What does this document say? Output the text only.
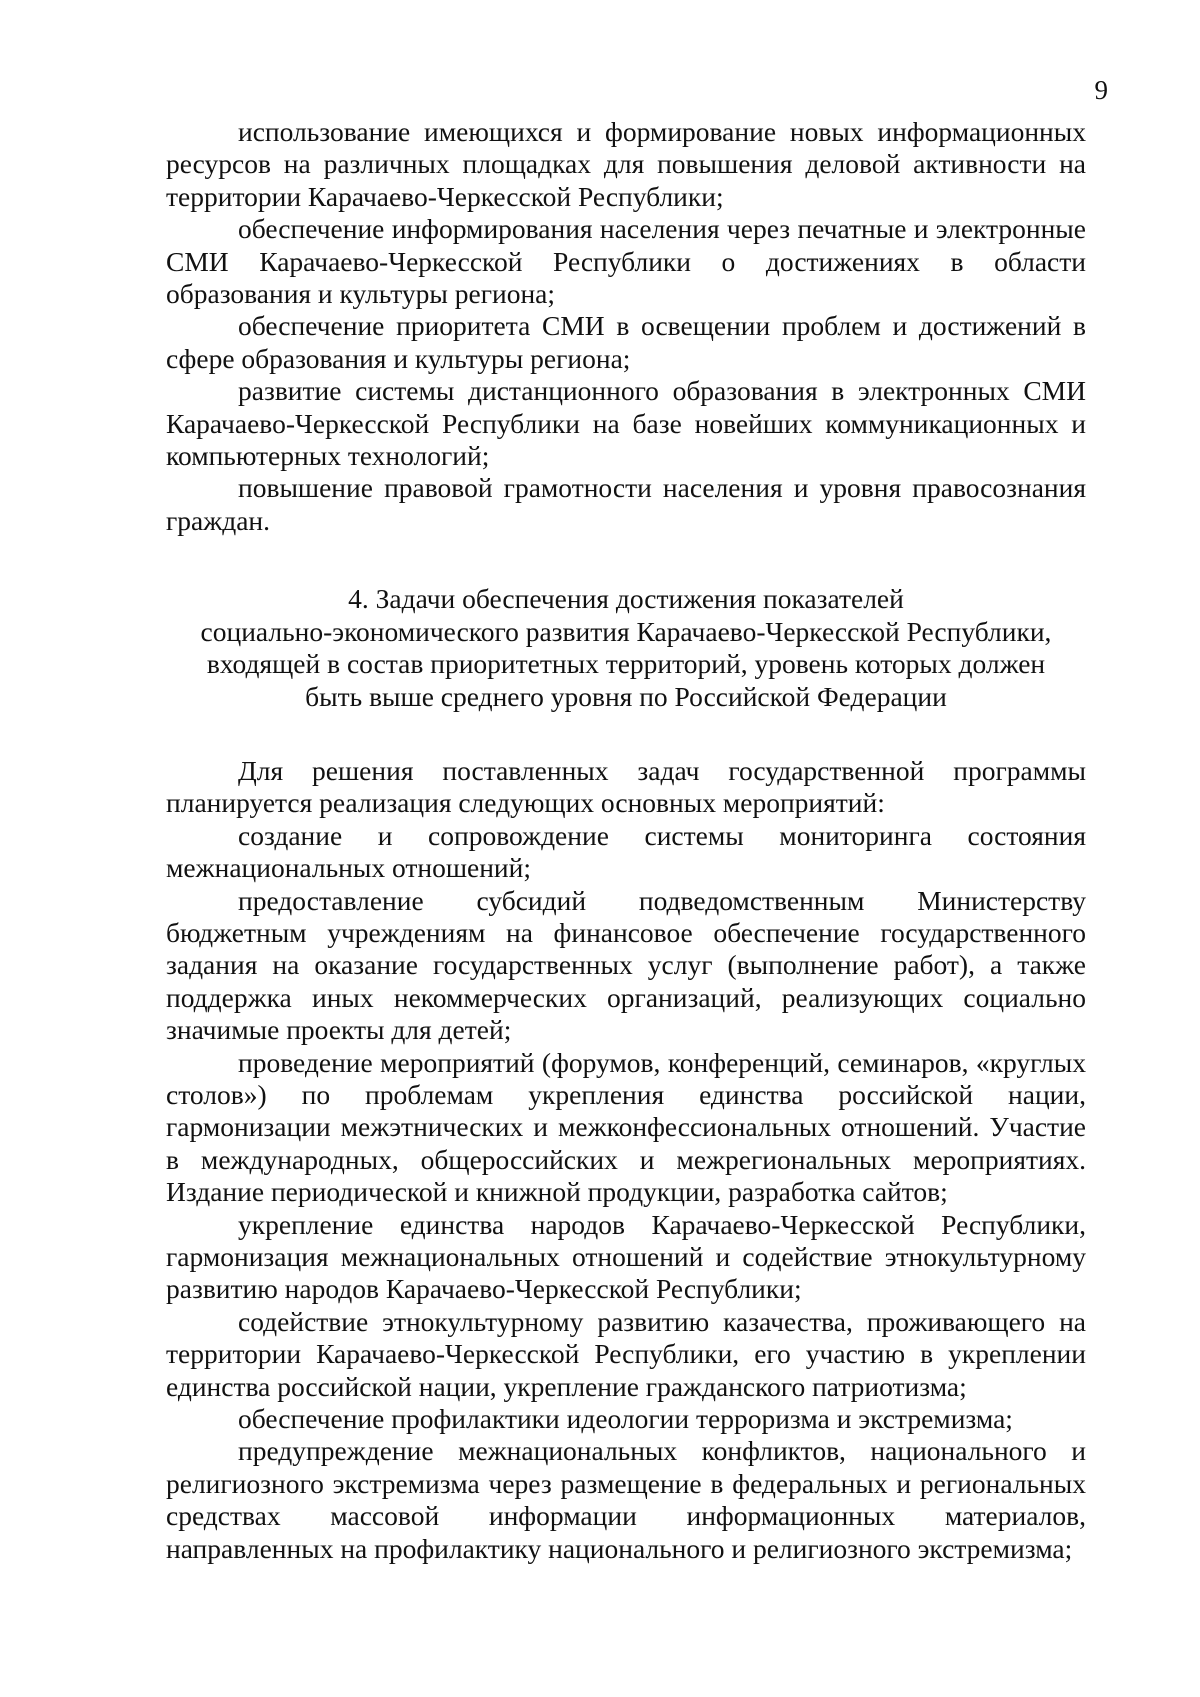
9

использование имеющихся и формирование новых информационных ресурсов на различных площадках для повышения деловой активности на территории Карачаево-Черкесской Республики;

обеспечение информирования населения через печатные и электронные СМИ Карачаево-Черкесской Республики о достижениях в области образования и культуры региона;

обеспечение приоритета СМИ в освещении проблем и достижений в сфере образования и культуры региона;

развитие системы дистанционного образования в электронных СМИ Карачаево-Черкесской Республики на базе новейших коммуникационных и компьютерных технологий;

повышение правовой грамотности населения и уровня правосознания граждан.

4. Задачи обеспечения достижения показателей
социально-экономического развития Карачаево-Черкесской Республики,
входящей в состав приоритетных территорий, уровень которых должен
быть выше среднего уровня по Российской Федерации

Для решения поставленных задач государственной программы планируется реализация следующих основных мероприятий:

создание и сопровождение системы мониторинга состояния межнациональных отношений;

предоставление субсидий подведомственным Министерству бюджетным учреждениям на финансовое обеспечение государственного задания на оказание государственных услуг (выполнение работ), а также поддержка иных некоммерческих организаций, реализующих социально значимые проекты для детей;

проведение мероприятий (форумов, конференций, семинаров, «круглых столов») по проблемам укрепления единства российской нации, гармонизации межэтнических и межконфессиональных отношений. Участие в международных, общероссийских и межрегиональных мероприятиях. Издание периодической и книжной продукции, разработка сайтов;

укрепление единства народов Карачаево-Черкесской Республики, гармонизация межнациональных отношений и содействие этнокультурному развитию народов Карачаево-Черкесской Республики;

содействие этнокультурному развитию казачества, проживающего на территории Карачаево-Черкесской Республики, его участию в укреплении единства российской нации, укрепление гражданского патриотизма;

обеспечение профилактики идеологии терроризма и экстремизма;

предупреждение межнациональных конфликтов, национального и религиозного экстремизма через размещение в федеральных и региональных средствах массовой информации информационных материалов, направленных на профилактику национального и религиозного экстремизма;
